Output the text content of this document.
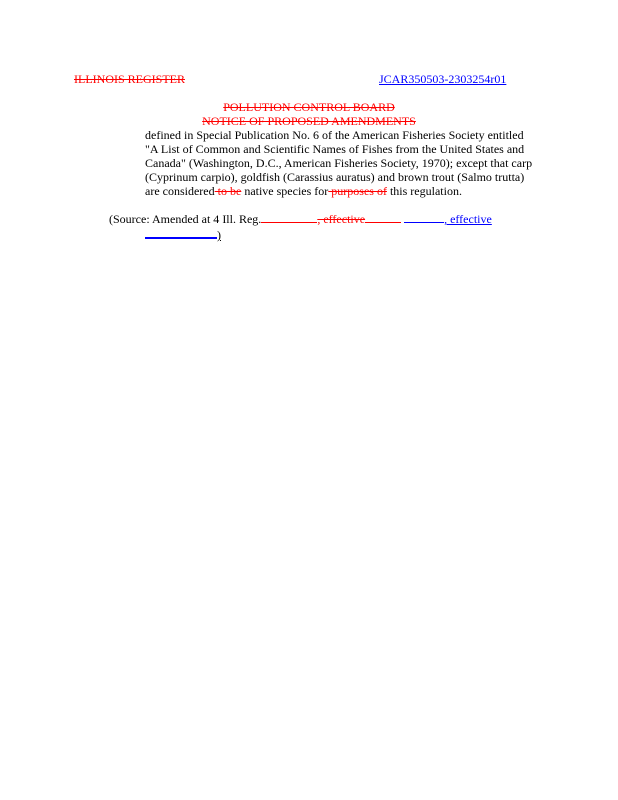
ILLINOIS REGISTER	JCAR350503-2303254r01
POLLUTION CONTROL BOARD
NOTICE OF PROPOSED AMENDMENTS
defined in Special Publication No. 6 of the American Fisheries Society entitled
"A List of Common and Scientific Names of Fishes from the United States and
Canada" (Washington, D.C., American Fisheries Society, 1970); except that carp
(Cyprinum carpio), goldfish (Carassius auratus) and brown trout (Salmo trutta)
are considered to be native species for purposes of this regulation.
(Source: Amended at 4 Ill. Reg.	, effective	, effective
)
